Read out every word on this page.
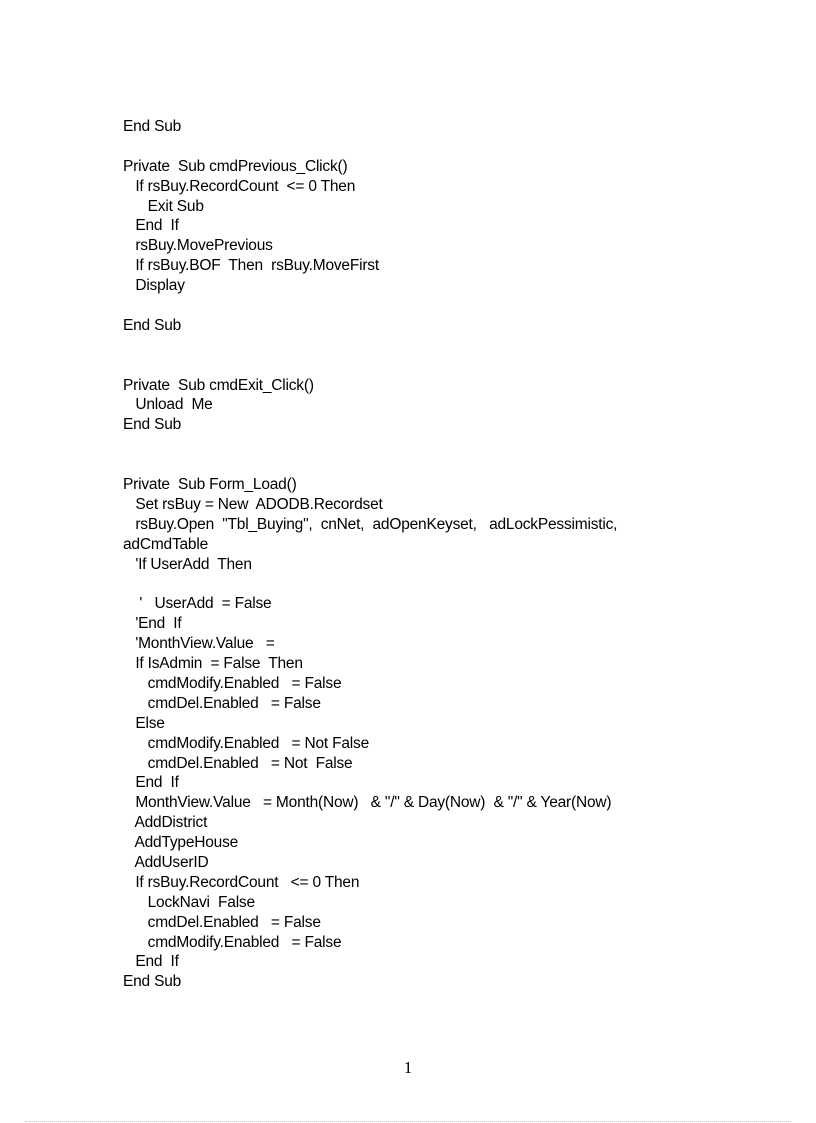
End Sub
Private  Sub cmdPrevious_Click()
If rsBuy.RecordCount  <= 0 Then
Exit Sub
End  If
rsBuy.MovePrevious
If rsBuy.BOF  Then  rsBuy.MoveFirst
Display
End Sub
Private  Sub cmdExit_Click()
Unload  Me
End Sub
Private  Sub Form_Load()
Set rsBuy = New  ADODB.Recordset
rsBuy.Open  "Tbl_Buying",  cnNet,  adOpenKeyset,   adLockPessimistic,
adCmdTable
'If UserAdd  Then
'   UserAdd  = False
'End  If
'MonthView.Value   =
If IsAdmin  = False  Then
cmdModify.Enabled   = False
cmdDel.Enabled   = False
Else
cmdModify.Enabled   = Not False
cmdDel.Enabled   = Not  False
End  If
MonthView.Value   = Month(Now)   & "/" & Day(Now)  & "/" & Year(Now)
AddDistrict
AddTypeHouse
AddUserID
If rsBuy.RecordCount   <= 0 Then
LockNavi  False
cmdDel.Enabled   = False
cmdModify.Enabled   = False
End  If
End Sub
1
